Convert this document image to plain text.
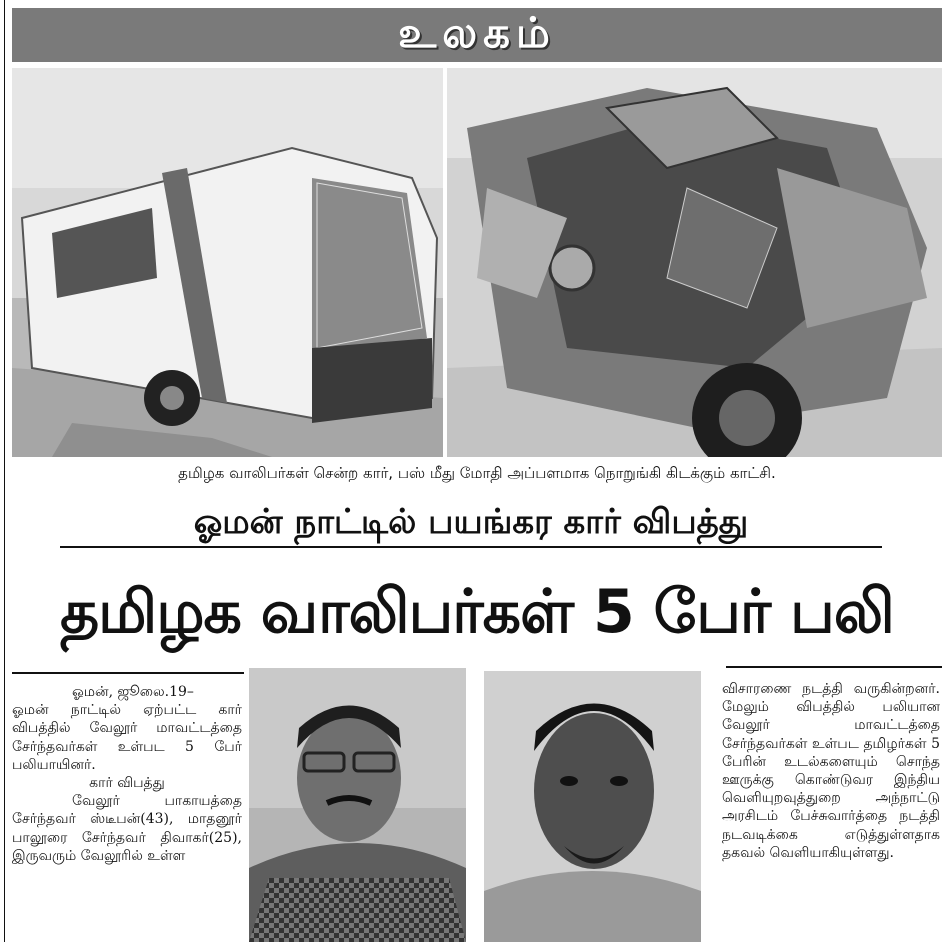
உலகம்
தமிழக வாலிபர்கள் சென்ற கார், பஸ் மீது மோதி அப்பளமாக நொறுங்கி கிடக்கும் காட்சி.
ஓமன் நாட்டில் பயங்கர கார் விபத்து
தமிழக வாலிபர்கள் 5 பேர் பலி

ஓமன், ஜூலை.19–

ஓமன் நாட்டில் ஏற்பட்ட கார் விபத்தில் வேலூர் மாவட்டத்தை சேர்ந்தவர்கள் உள்பட 5 பேர் பலியாயினர்.

கார் விபத்து

வேலூர் பாகாயத்தை சேர்ந்தவர் ஸ்டீபன்(43), மாதனூர் பாலூரை சேர்ந்தவர் திவாகர்(25), இருவரும் வேலூரில் உள்ள

விசாரணை நடத்தி வருகின்றனர். மேலும் விபத்தில் பலியான வேலூர் மாவட்டத்தை சேர்ந்தவர்கள் உள்பட தமிழர்கள் 5 பேரின் உடல்களையும் சொந்த ஊருக்கு கொண்டுவர இந்திய வெளியுறவுத்துறை அந்நாட்டு அரசிடம் பேச்சுவார்த்தை நடத்தி நடவடிக்கை எடுத்துள்ளதாக தகவல் வெளியாகியுள்ளது.
